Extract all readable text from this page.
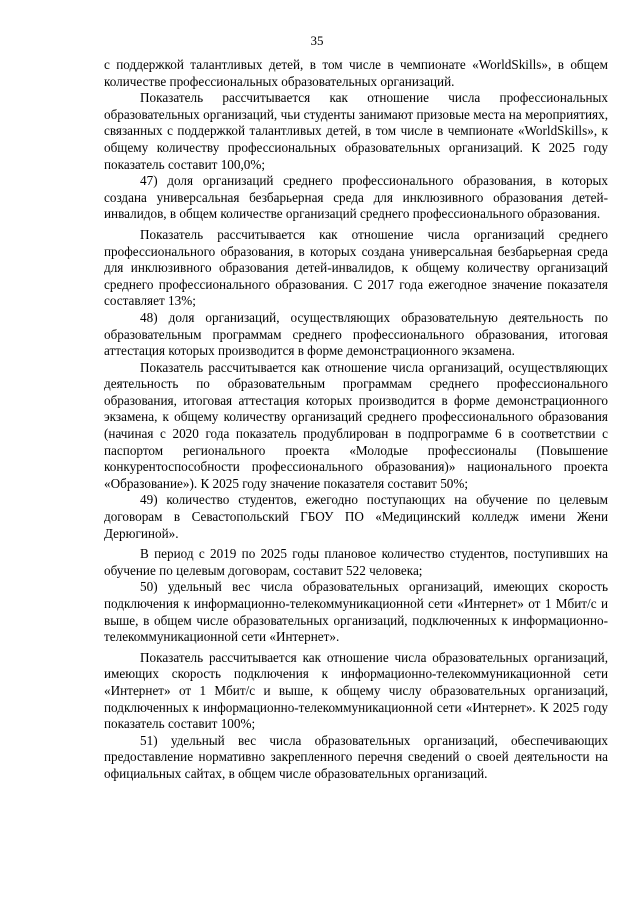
35

с поддержкой талантливых детей, в том числе в чемпионате «WorldSkills», в общем количестве профессиональных образовательных организаций.

Показатель рассчитывается как отношение числа профессиональных образовательных организаций, чьи студенты занимают призовые места на мероприятиях, связанных с поддержкой талантливых детей, в том числе в чемпионате «WorldSkills», к общему количеству профессиональных образовательных организаций. К 2025 году показатель составит 100,0%;

47) доля организаций среднего профессионального образования, в которых создана универсальная безбарьерная среда для инклюзивного образования детей-инвалидов, в общем количестве организаций среднего профессионального образования.

Показатель рассчитывается как отношение числа организаций среднего профессионального образования, в которых создана универсальная безбарьерная среда для инклюзивного образования детей-инвалидов, к общему количеству организаций среднего профессионального образования. С 2017 года ежегодное значение показателя составляет 13%;

48) доля организаций, осуществляющих образовательную деятельность по образовательным программам среднего профессионального образования, итоговая аттестация которых производится в форме демонстрационного экзамена.

Показатель рассчитывается как отношение числа организаций, осуществляющих деятельность по образовательным программам среднего профессионального образования, итоговая аттестация которых производится в форме демонстрационного экзамена, к общему количеству организаций среднего профессионального образования (начиная с 2020 года показатель продублирован в подпрограмме 6 в соответствии с паспортом регионального проекта «Молодые профессионалы (Повышение конкурентоспособности профессионального образования)» национального проекта «Образование»). К 2025 году значение показателя составит 50%;

49) количество студентов, ежегодно поступающих на обучение по целевым договорам в Севастопольский ГБОУ ПО «Медицинский колледж имени Жени Дерюгиной».

В период с 2019 по 2025 годы плановое количество студентов, поступивших на обучение по целевым договорам, составит 522 человека;

50) удельный вес числа образовательных организаций, имеющих скорость подключения к информационно-телекоммуникационной сети «Интернет» от 1 Мбит/с и выше, в общем числе образовательных организаций, подключенных к информационно-телекоммуникационной сети «Интернет».

Показатель рассчитывается как отношение числа образовательных организаций, имеющих скорость подключения к информационно-телекоммуникационной сети «Интернет» от 1 Мбит/с и выше, к общему числу образовательных организаций, подключенных к информационно-телекоммуникационной сети «Интернет». К 2025 году показатель составит 100%;

51) удельный вес числа образовательных организаций, обеспечивающих предоставление нормативно закрепленного перечня сведений о своей деятельности на официальных сайтах, в общем числе образовательных организаций.
